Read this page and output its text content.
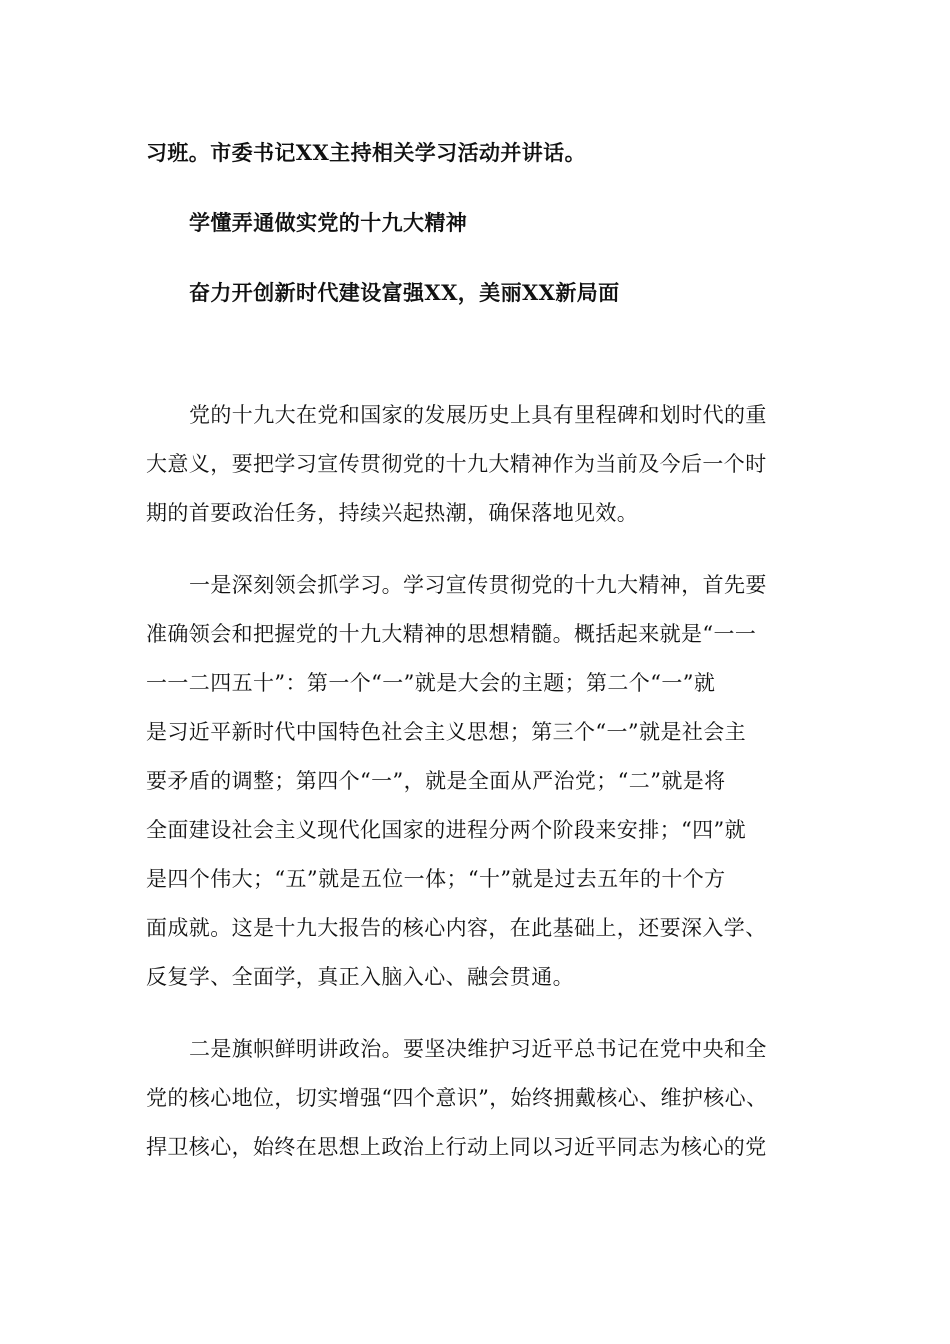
习班。市委书记XX主持相关学习活动并讲话。
学懂弄通做实党的十九大精神
奋力开创新时代建设富强XX，美丽XX新局面
党的十九大在党和国家的发展历史上具有里程碑和划时代的重
大意义，要把学习宣传贯彻党的十九大精神作为当前及今后一个时
期的首要政治任务，持续兴起热潮，确保落地见效。
一是深刻领会抓学习。学习宣传贯彻党的十九大精神，首先要
准确领会和把握党的十九大精神的思想精髓。概括起来就是“一一
一一二四五十”：第一个“一”就是大会的主题；第二个“一”就
是习近平新时代中国特色社会主义思想；第三个“一”就是社会主
要矛盾的调整；第四个“一”，就是全面从严治党；“二”就是将
全面建设社会主义现代化国家的进程分两个阶段来安排；“四”就
是四个伟大；“五”就是五位一体；“十”就是过去五年的十个方
面成就。这是十九大报告的核心内容，在此基础上，还要深入学、
反复学、全面学，真正入脑入心、融会贯通。
二是旗帜鲜明讲政治。要坚决维护习近平总书记在党中央和全
党的核心地位，切实增强“四个意识”，始终拥戴核心、维护核心、
捍卫核心，始终在思想上政治上行动上同以习近平同志为核心的党
